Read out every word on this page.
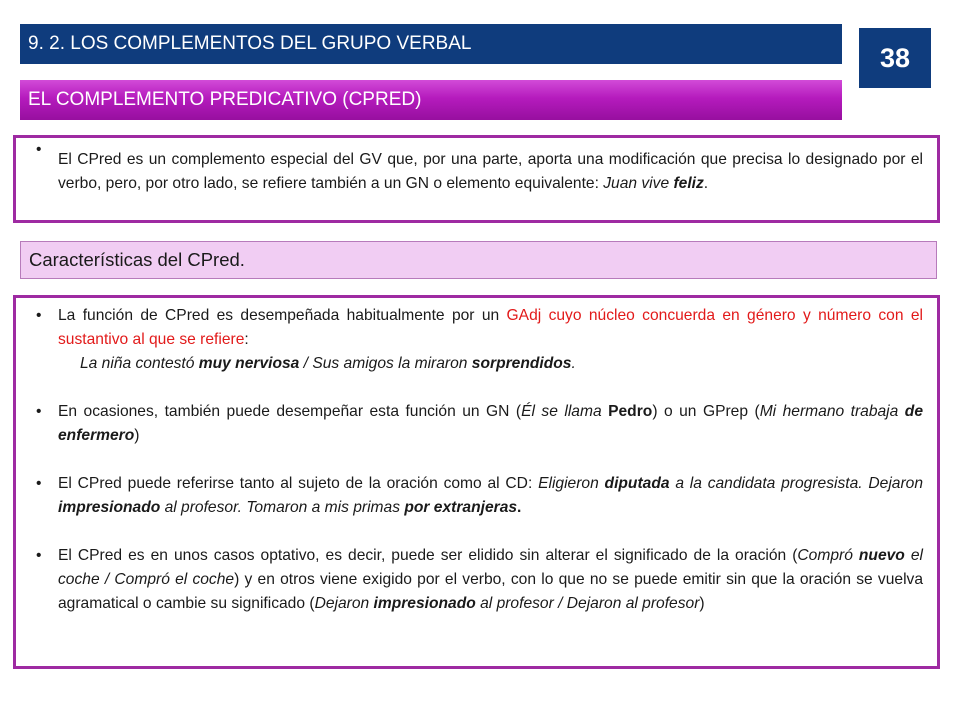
9. 2. LOS COMPLEMENTOS DEL GRUPO VERBAL	38
EL COMPLEMENTO PREDICATIVO (CPRED)
•
El CPred es un complemento especial del GV que, por una parte, aporta una modificación que precisa lo designado por el verbo, pero, por otro lado, se refiere también a un GN o elemento equivalente: Juan vive feliz.
Características del CPred.
• La función de CPred es desempeñada habitualmente por un GAdj cuyo núcleo concuerda en género y número con el sustantivo al que se refiere:
La niña contestó muy nerviosa / Sus amigos la miraron sorprendidos.
• En ocasiones, también puede desempeñar esta función un GN (Él se llama Pedro) o un GPrep (Mi hermano trabaja de enfermero)
• El CPred puede referirse tanto al sujeto de la oración como al CD: Eligieron diputada a la candidata progresista. Dejaron impresionado al profesor. Tomaron a mis primas por extranjeras.
• El CPred es en unos casos optativo, es decir, puede ser elidido sin alterar el significado de la oración (Compró nuevo el coche / Compró el coche) y en otros viene exigido por el verbo, con lo que no se puede emitir sin que la oración se vuelva agramatical o cambie su significado (Dejaron impresionado al profesor / Dejaron al profesor)
